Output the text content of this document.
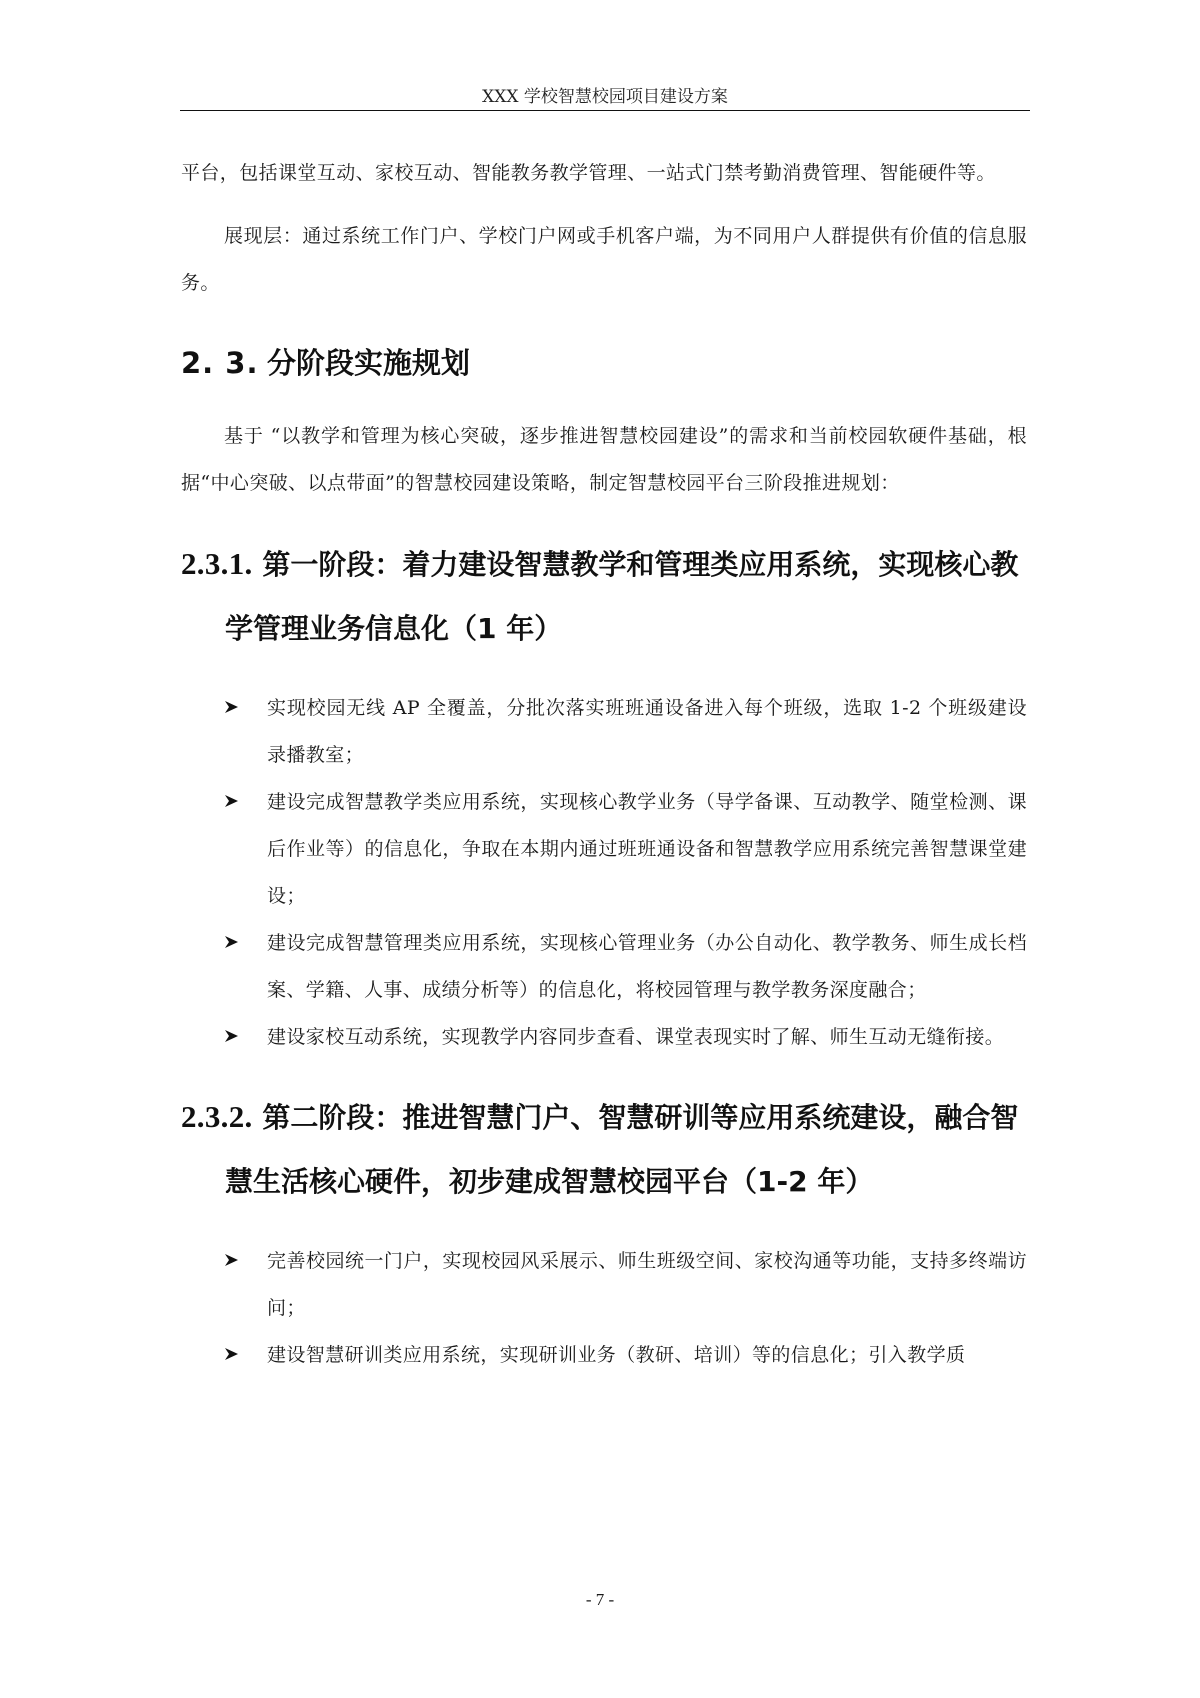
XXX 学校智慧校园项目建设方案

平台，包括课堂互动、家校互动、智能教务教学管理、一站式门禁考勤消费管理、智能硬件等。

展现层：通过系统工作门户、学校门户网或手机客户端，为不同用户人群提供有价值的信息服务。

2. 3. 分阶段实施规划

基于 “以教学和管理为核心突破，逐步推进智慧校园建设”的需求和当前校园软硬件基础，根据“中心突破、以点带面”的智慧校园建设策略，制定智慧校园平台三阶段推进规划：

2.3.1. 第一阶段：着力建设智慧教学和管理类应用系统，实现核心教学管理业务信息化（1 年）
实现校园无线 AP 全覆盖，分批次落实班班通设备进入每个班级，选取 1-2 个班级建设录播教室；
建设完成智慧教学类应用系统，实现核心教学业务（导学备课、互动教学、随堂检测、课后作业等）的信息化，争取在本期内通过班班通设备和智慧教学应用系统完善智慧课堂建设；
建设完成智慧管理类应用系统，实现核心管理业务（办公自动化、教学教务、师生成长档案、学籍、人事、成绩分析等）的信息化，将校园管理与教学教务深度融合；
建设家校互动系统，实现教学内容同步查看、课堂表现实时了解、师生互动无缝衔接。
2.3.2. 第二阶段：推进智慧门户、智慧研训等应用系统建设，融合智慧生活核心硬件，初步建成智慧校园平台（1-2 年）
完善校园统一门户，实现校园风采展示、师生班级空间、家校沟通等功能，支持多终端访问；
建设智慧研训类应用系统，实现研训业务（教研、培训）等的信息化；引入教学质
- 7 -
